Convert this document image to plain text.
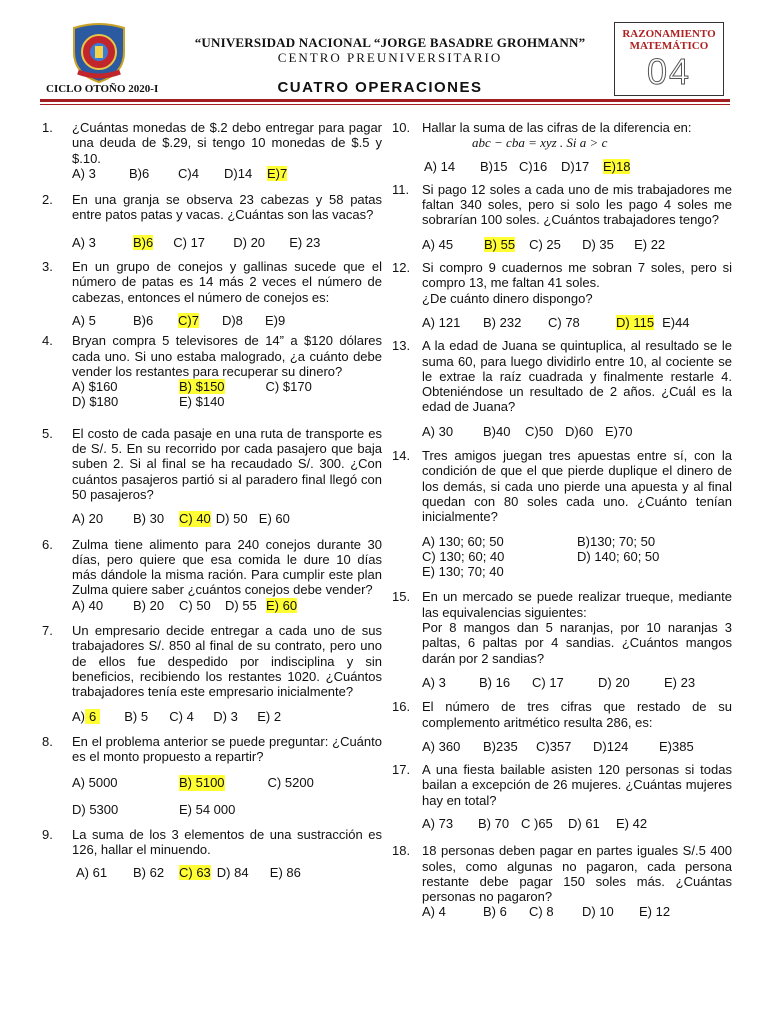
“UNIVERSIDAD NACIONAL “JORGE BASADRE GROHMANN”
CENTRO PREUNIVERSITARIO
CICLO OTOÑO 2020-I	CUATRO OPERACIONES
RAZONAMIENTO
MATEMÁTICO
04
1. ¿Cuántas monedas de $.2 debo entregar para pagar una deuda de $.29, si tengo 10 monedas de $.5 y $.10.
A) 3	B)6	C)4	D)14	E)7
2. En una granja se observa 23 cabezas y 58 patas entre patos patas y vacas. ¿Cuántas son las vacas?
A) 3	B)6 C) 17	D) 20	E) 23
3. En un grupo de conejos y gallinas sucede que el número de patas es 14 más 2 veces el número de cabezas, entonces el número de conejos es:
A) 5	B)6	C)7 D)8	E)9
4. Bryan compra 5 televisores de 14” a $120 dólares cada uno. Si uno estaba malogrado, ¿a cuánto debe vender los restantes para recuperar su dinero?
A) $160	B) $150	C) $170
D) $180	E) $140
5. El costo de cada pasaje en una ruta de transporte es de S/. 5. En su recorrido por cada pasajero que baja suben 2. Si al final se ha recaudado S/. 300. ¿Con cuántos pasajeros partió si al paradero final llegó con 50 pasajeros?
A) 20	B) 30	C) 40 D) 50 E) 60
6. Zulma tiene alimento para 240 conejos durante 30 días, pero quiere que esa comida le dure 10 días más dándole la misma ración. Para cumplir este plan Zulma quiere saber ¿cuántos conejos debe vender?
A) 40	B) 20	C) 50	D) 55 E) 60
7. Un empresario decide entregar a cada uno de sus trabajadores S/. 850 al final de su contrato, pero uno de ellos fue despedido por indisciplina y sin beneficios, recibiendo los restantes 1020. ¿Cuántos trabajadores tenía este empresario inicialmente?
A) 6	B) 5	C) 4	D) 3	E) 2
8. En el problema anterior se puede preguntar: ¿Cuánto es el monto propuesto a repartir?
A) 5000	B) 5100	C) 5200
D) 5300	E) 54 000
9. La suma de los 3 elementos de una sustracción es 126, hallar el minuendo.
A) 61	B) 62	C) 63 D) 84	E) 86
10. Hallar la suma de las cifras de la diferencia en:
abc − cba = xyz . Si a > c
A) 14	B)15 C)16	D)17	E)18
11. Si pago 12 soles a cada uno de mis trabajadores me faltan 340 soles, pero si solo les pago 4 soles me sobrarían 100 soles. ¿Cuántos trabajadores tengo?
A) 45	B) 55 C) 25	D) 35	E) 22
12. Si compro 9 cuadernos me sobran 7 soles, pero si compro 13, me faltan 41 soles.
¿De cuánto dinero dispongo?
A) 121	B) 232	C) 78	D) 115 E)44
13. A la edad de Juana se quintuplica, al resultado se le suma 60, para luego dividirlo entre 10, al cociente se le extrae la raíz cuadrada y finalmente restarle 4. Obteniéndose un resultado de 2 años. ¿Cuál es la edad de Juana?
A) 30	B)40	C)50 D)60 E)70
14. Tres amigos juegan tres apuestas entre sí, con la condición de que el que pierde duplique el dinero de los demás, si cada uno pierde una apuesta y al final quedan con 80 soles cada uno. ¿Cuánto tenían inicialmente?
A) 130; 60; 50	B)130; 70; 50
C) 130; 60; 40	D) 140; 60; 50
E) 130; 70; 40
15. En un mercado se puede realizar trueque, mediante las equivalencias siguientes:
Por 8 mangos dan 5 naranjas, por 10 naranjas 3 paltas, 6 paltas por 4 sandias. ¿Cuántos mangos darán por 2 sandias?
A) 3	B) 16	C) 17	D) 20	E) 23
16. El número de tres cifras que restado de su complemento aritmético resulta 286, es:
A) 360	B)235	C)357	D)124	E)385
17. A una fiesta bailable asisten 120 personas si todas bailan a excepción de 26 mujeres. ¿Cuántas mujeres hay en total?
A) 73	B) 70 C )65	D) 61	E) 42
18. 18 personas deben pagar en partes iguales S/.5 400 soles, como algunas no pagaron, cada persona restante debe pagar 150 soles más. ¿Cuántas personas no pagaron?
A) 4	B) 6	C) 8	D) 10	E) 12
